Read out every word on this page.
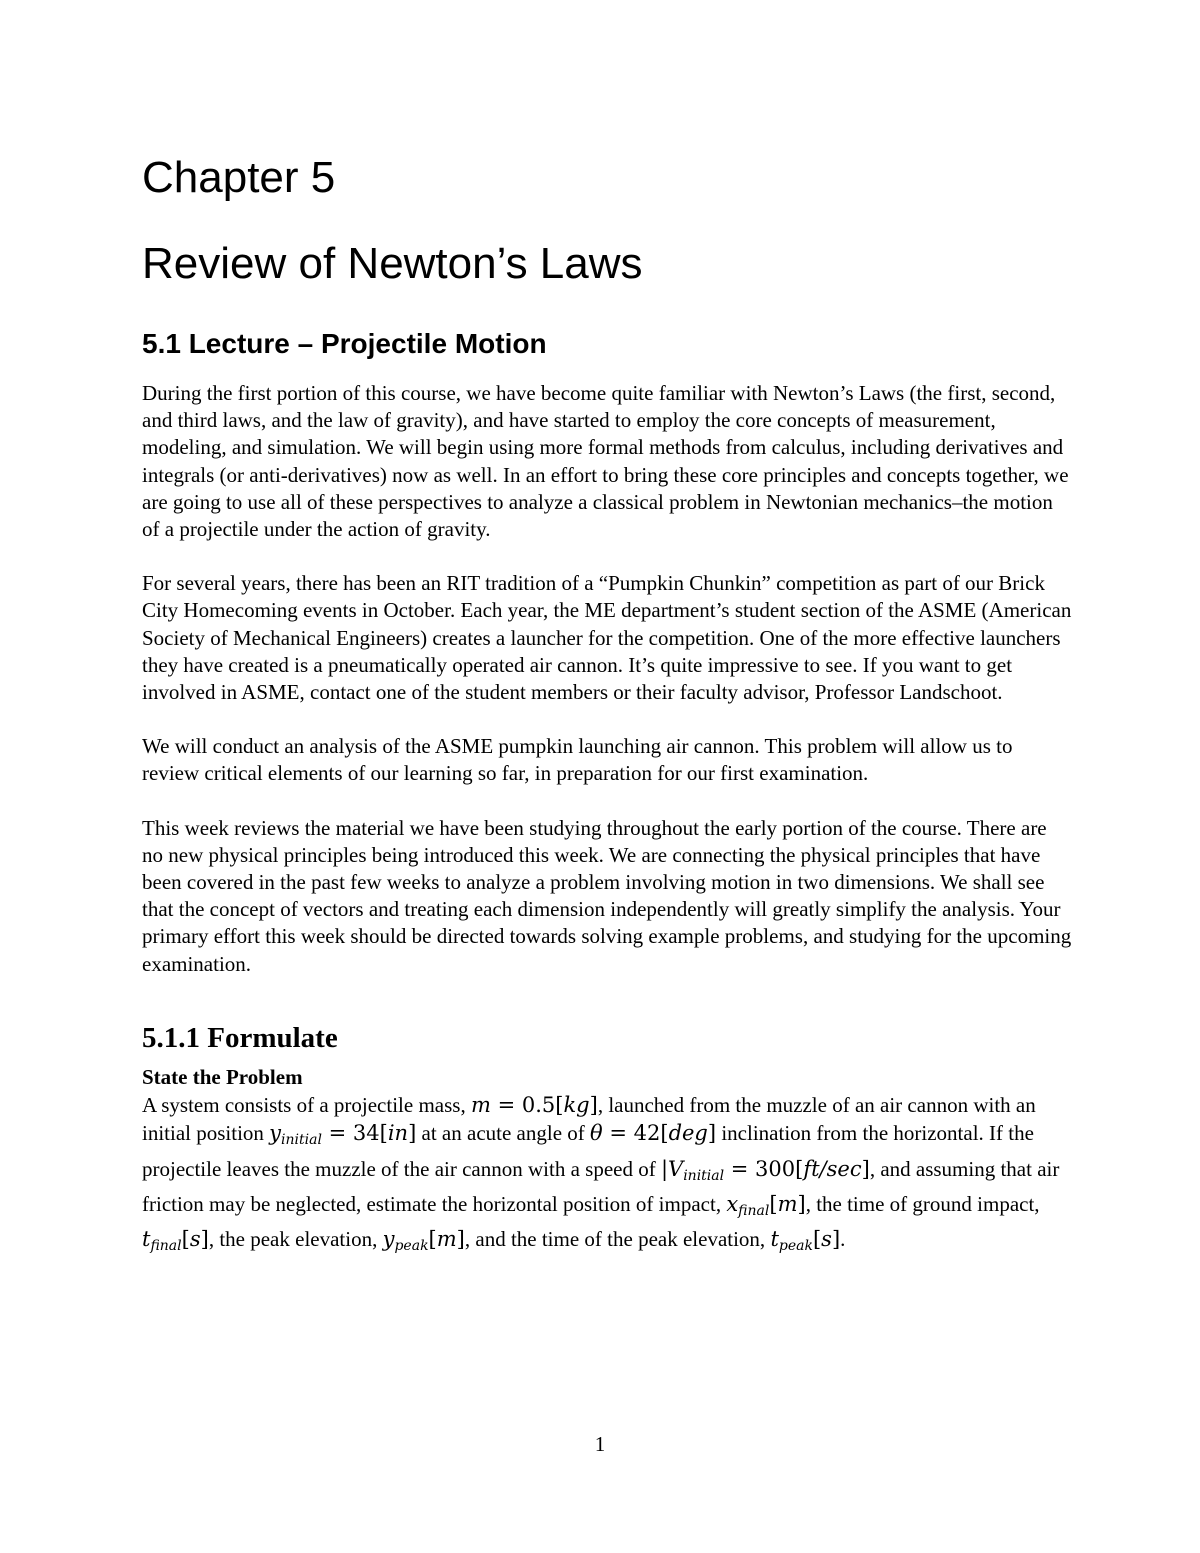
Chapter 5
Review of Newton’s Laws
5.1 Lecture – Projectile Motion

During the first portion of this course, we have become quite familiar with Newton’s Laws (the first, second, and third laws, and the law of gravity), and have started to employ the core concepts of measurement, modeling, and simulation. We will begin using more formal methods from calculus, including derivatives and integrals (or anti-derivatives) now as well. In an effort to bring these core principles and concepts together, we are going to use all of these perspectives to analyze a classical problem in Newtonian mechanics–the motion of a projectile under the action of gravity.

For several years, there has been an RIT tradition of a “Pumpkin Chunkin” competition as part of our Brick City Homecoming events in October. Each year, the ME department’s student section of the ASME (American Society of Mechanical Engineers) creates a launcher for the competition. One of the more effective launchers they have created is a pneumatically operated air cannon. It’s quite impressive to see. If you want to get involved in ASME, contact one of the student members or their faculty advisor, Professor Landschoot.

We will conduct an analysis of the ASME pumpkin launching air cannon. This problem will allow us to review critical elements of our learning so far, in preparation for our first examination.

This week reviews the material we have been studying throughout the early portion of the course. There are no new physical principles being introduced this week. We are connecting the physical principles that have been covered in the past few weeks to analyze a problem involving motion in two dimensions. We shall see that the concept of vectors and treating each dimension independently will greatly simplify the analysis. Your primary effort this week should be directed towards solving example problems, and studying for the upcoming examination.

5.1.1 Formulate
State the Problem

A system consists of a projectile mass, m = 0.5[kg], launched from the muzzle of an air cannon with an initial position yinitial = 34[in] at an acute angle of θ = 42[deg] inclination from the horizontal. If the projectile leaves the muzzle of the air cannon with a speed of |Vinitial = 300[ft/sec], and assuming that air friction may be neglected, estimate the horizontal position of impact, xfinal[m], the time of ground impact, tfinal[s], the peak elevation, ypeak[m], and the time of the peak elevation, tpeak[s].

1
